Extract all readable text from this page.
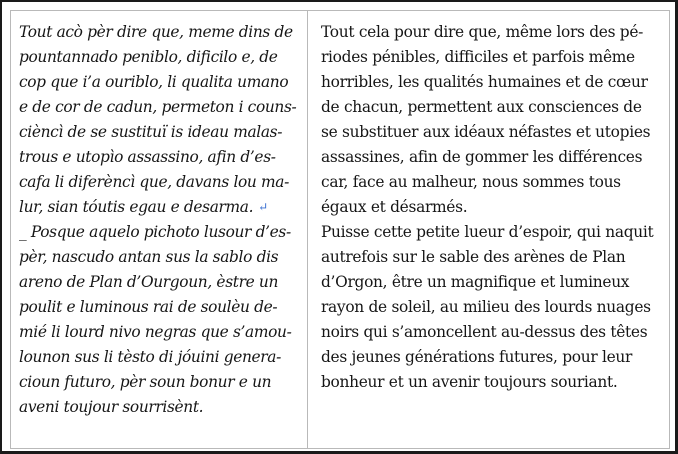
Tout acò pèr dire que, meme dins de
pountannado peniblo, dificilo e, de
cop que i’a ouriblo, li qualita umano
e de cor de cadun, permeton i couns-
cièncì de se sustituï is ideau malas-
trous e utopìo assassino, afin d’es-
cafa li diferèncì que, davans lou ma-
lur, sian tóutis egau e desarma. ↵
_ Posque aquelo pichoto lusour d’es-
pèr, nascudo antan sus la sablo dis
areno de Plan d’Ourgoun, èstre un
poulit e luminous rai de soulèu de-
mié li lourd nivo negras que s’amou-
lounon sus li tèsto di jóuini genera-
cioun futuro, pèr soun bonur e un
aveni toujour sourrisènt.
Tout cela pour dire que, même lors des pé-
riodes pénibles, difficiles et parfois même
horribles, les qualités humaines et de cœur
de chacun, permettent aux consciences de
se substituer aux idéaux néfastes et utopies
assassines, afin de gommer les différences
car, face au malheur, nous sommes tous
égaux et désarmés.
Puisse cette petite lueur d’espoir, qui naquit
autrefois sur le sable des arènes de Plan
d’Orgon, être un magnifique et lumineux
rayon de soleil, au milieu des lourds nuages
noirs qui s’amoncellent au-dessus des têtes
des jeunes générations futures, pour leur
bonheur et un avenir toujours souriant.
